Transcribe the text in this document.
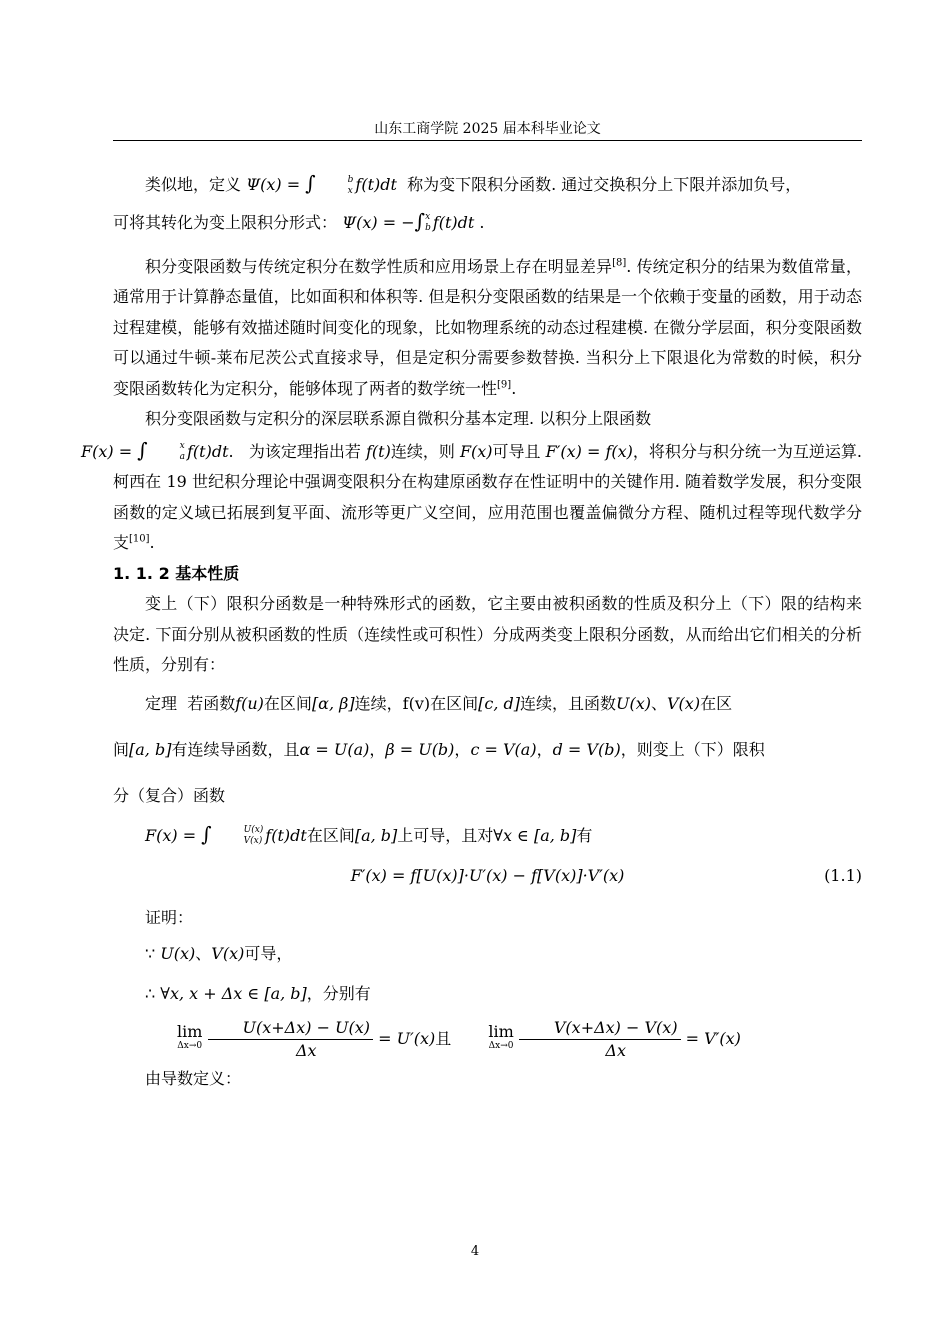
山东工商学院 2025 届本科毕业论文

类似地，定义 Ψ(x) = ∫	b
x f(t)dt 称为变下限积分函数. 通过交换积分上下限并添加负号，

可将其转化为变上限积分形式： Ψ(x) = −∫ x
b f(t)dt .

积分变限函数与传统定积分在数学性质和应用场景上存在明显差异[8]. 传统定积分的结果为数值常量，通常用于计算静态量值，比如面积和体积等. 但是积分变限函数的结果是一个依赖于变量的函数，用于动态过程建模，能够有效描述随时间变化的现象，比如物理系统的动态过程建模. 在微分学层面，积分变限函数可以通过牛顿-莱布尼茨公式直接求导，但是定积分需要参数替换. 当积分上下限退化为常数的时候，积分变限函数转化为定积分，能够体现了两者的数学统一性[9].

积分变限函数与定积分的深层联系源自微积分基本定理. 以积分上限函数
F(x) = ∫	x
a f(t)dt.   为该定理指出若 f(t)连续，则 F(x)可导且 F′(x) = f(x)，将积分与积分统一为互逆运算. 柯西在 19 世纪积分理论中强调变限积分在构建原函数存在性证明中的关键作用. 随着数学发展，积分变限函数的定义域已拓展到复平面、流形等更广义空间，应用范围也覆盖偏微分方程、随机过程等现代数学分支[10].

1. 1. 2 基本性质

变上（下）限积分函数是一种特殊形式的函数，它主要由被积函数的性质及积分上（下）限的结构来决定. 下面分别从被积函数的性质（连续性或可积性）分成两类变上限积分函数，从而给出它们相关的分析性质，分别有：

定理 若函数f(u)在区间[α, β]连续，f(v)在区间[c, d]连续，且函数U(x)、V(x)在区

间[a, b]有连续导函数，且α = U(a)，β = U(b)，c = V(a)，d = V(b)，则变上（下）限积
分（复合）函数

F(x) = ∫	U(x)
V(x) f(t)dt在区间[a, b]上可导，且对∀x ∈ [a, b]有

F′(x) = f[U(x)]·U′(x) − f[V(x)]·V′(x)	(1.1)

证明：

∵ U(x)、V(x)可导，

∴ ∀x, x + Δx ∈ [a, b]，分别有

lim
Δx→0
$\frac{U(x+\Delta x) - U(x)}{\Delta x} = U'(x)$且 lim
Δx→0
$\frac{V(x+\Delta x) - V(x)}{\Delta x} = V'(x)$

由导数定义：

4
